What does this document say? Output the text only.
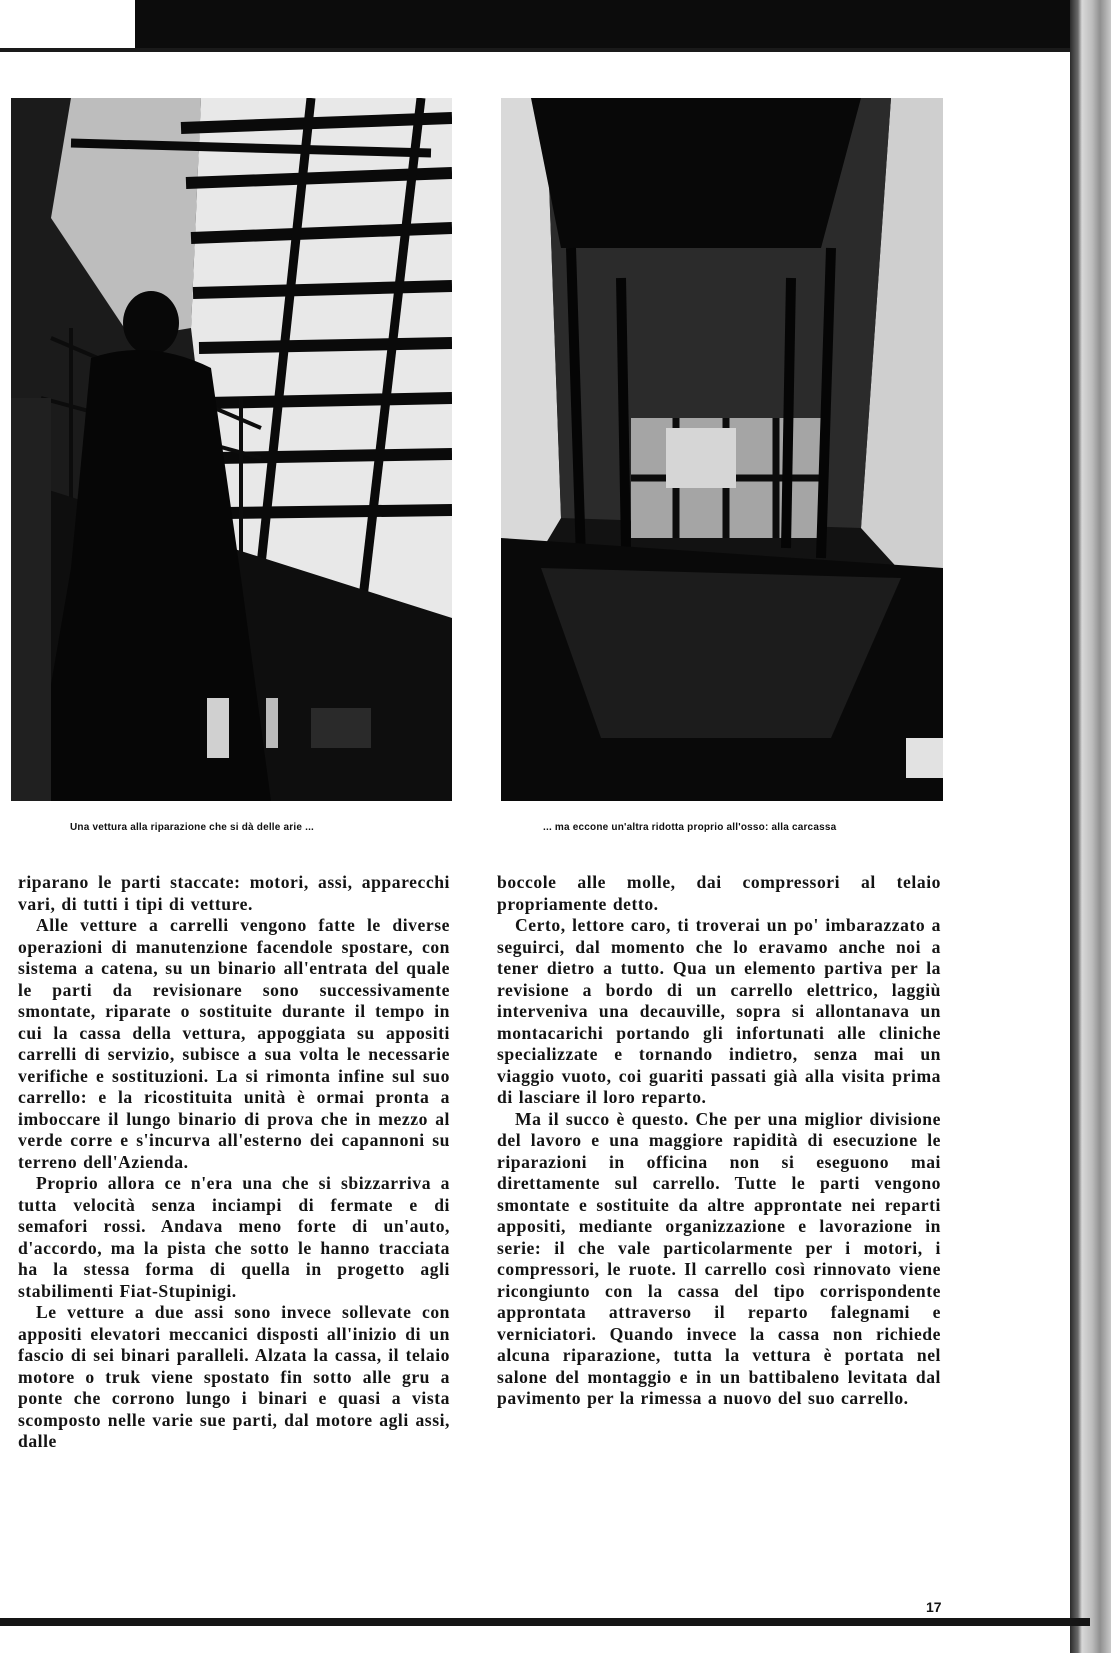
Una vettura alla riparazione che si dà delle arie ...	... ma eccone un'altra ridotta proprio all'osso: alla carcassa

riparano le parti staccate: motori, assi, apparecchi vari, di tutti i tipi di vetture.

Alle vetture a carrelli vengono fatte le diverse operazioni di manutenzione facendole spostare, con sistema a catena, su un binario all'entrata del quale le parti da revisionare sono successivamente smontate, riparate o sostituite durante il tempo in cui la cassa della vettura, appoggiata su appositi carrelli di servizio, subisce a sua volta le necessarie verifiche e sostituzioni. La si rimonta infine sul suo carrello: e la ricostituita unità è ormai pronta a imboccare il lungo binario di prova che in mezzo al verde corre e s'incurva all'esterno dei capannoni su terreno dell'Azienda.

Proprio allora ce n'era una che si sbizzarriva a tutta velocità senza inciampi di fermate e di semafori rossi. Andava meno forte di un'auto, d'accordo, ma la pista che sotto le hanno tracciata ha la stessa forma di quella in progetto agli stabilimenti Fiat-Stupinigi.

Le vetture a due assi sono invece sollevate con appositi elevatori meccanici disposti all'inizio di un fascio di sei binari paralleli. Alzata la cassa, il telaio motore o truk viene spostato fin sotto alle gru a ponte che corrono lungo i binari e quasi a vista scomposto nelle varie sue parti, dal motore agli assi, dalle

boccole alle molle, dai compressori al telaio propriamente detto.

Certo, lettore caro, ti troverai un po' imbarazzato a seguirci, dal momento che lo eravamo anche noi a tener dietro a tutto. Qua un elemento partiva per la revisione a bordo di un carrello elettrico, laggiù interveniva una decauville, sopra si allontanava un montacarichi portando gli infortunati alle cliniche specializzate e tornando indietro, senza mai un viaggio vuoto, coi guariti passati già alla visita prima di lasciare il loro reparto.

Ma il succo è questo. Che per una miglior divisione del lavoro e una maggiore rapidità di esecuzione le riparazioni in officina non si eseguono mai direttamente sul carrello. Tutte le parti vengono smontate e sostituite da altre approntate nei reparti appositi, mediante organizzazione e lavorazione in serie: il che vale particolarmente per i motori, i compressori, le ruote. Il carrello così rinnovato viene ricongiunto con la cassa del tipo corrispondente approntata attraverso il reparto falegnami e verniciatori. Quando invece la cassa non richiede alcuna riparazione, tutta la vettura è portata nel salone del montaggio e in un battibaleno levitata dal pavimento per la rimessa a nuovo del suo carrello.

17
